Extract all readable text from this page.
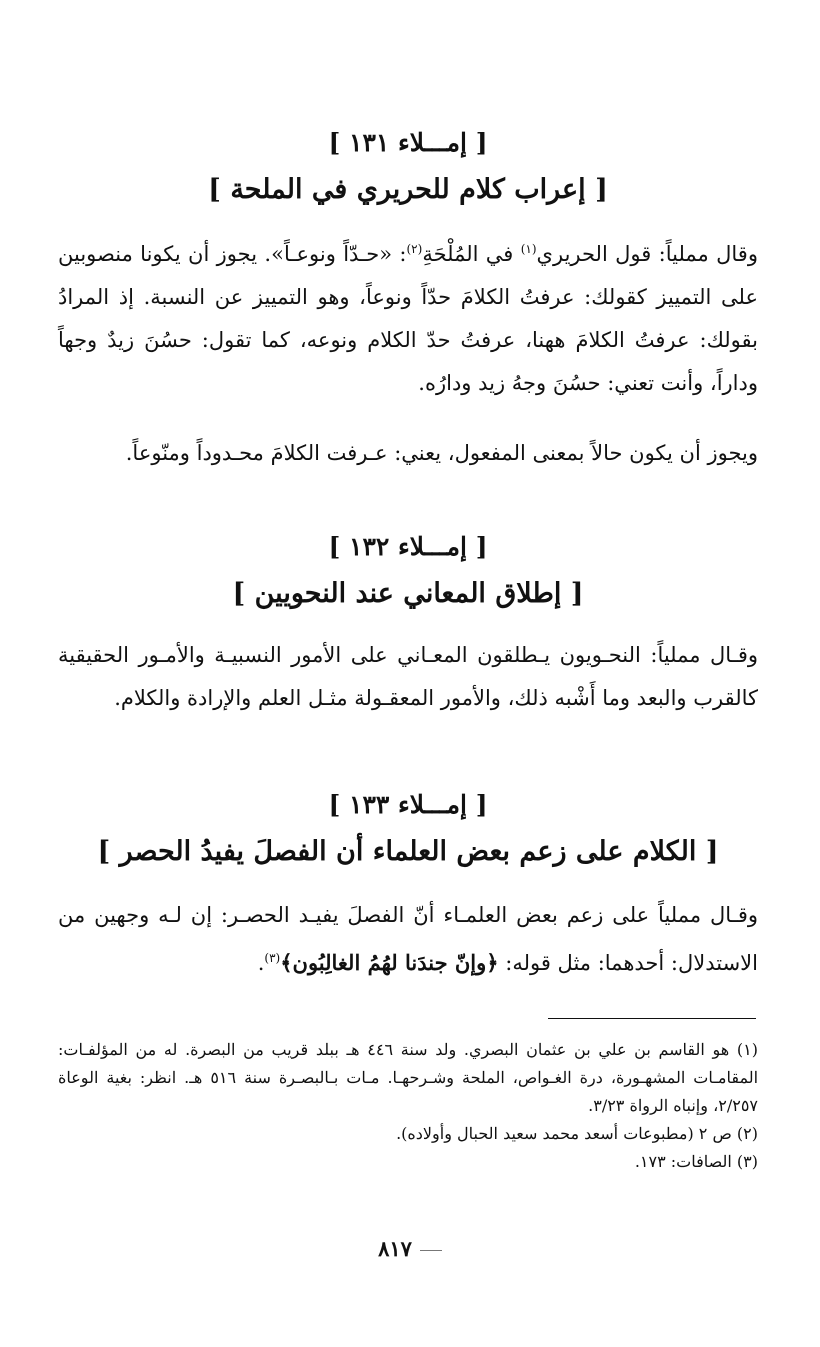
[ إمـــلاء ١٣١ ]
[ إعراب كلام للحريري في الملحة ]
وقال مملياً: قول الحريري$^{(١)}$ في المُلْحَةِ$^{(٢)}$: «حـدّاً ونوعـاً». يجوز أن يكونا منصوبين على التمييز كقولك: عرفتُ الكلامَ حدّاً ونوعاً، وهو التمييز عن النسبة. إذ المرادُ بقولك: عرفتُ الكلامَ ههنا، عرفتُ حدّ الكلام ونوعه، كما تقول: حسُنَ زيدٌ وجهاً وداراً، وأنت تعني: حسُنَ وجهُ زيد ودارُه.
ويجوز أن يكون حالاً بمعنى المفعول، يعني: عـرفت الكلامَ محـدوداً ومنّوعاً.
[ إمـــلاء ١٣٢ ]
[ إطلاق المعاني عند النحويين ]
وقـال مملياً: النحـويون يـطلقون المعـاني على الأمور النسبيـة والأمـور الحقيقية كالقرب والبعد وما أَشْبه ذلك، والأمور المعقـولة مثـل العلم والإرادة والكلام.
[ إمـــلاء ١٣٣ ]
[ الكلام على زعم بعض العلماء أن الفصلَ يفيدُ الحصر ]
وقـال مملياً على زعم بعض العلمـاء أنّ الفصلَ يفيـد الحصـر: إن لـه وجهين من الاستدلال: أحدهما: مثل قوله: ﴿وإنّ جندَنا لهُمُ الغالِبُون﴾$^{(٣)}$.
(١) هو القاسم بن علي بن عثمان البصري. ولد سنة ٤٤٦ هـ ببلد قريب من البصرة. له من المؤلفـات: المقامـات المشهـورة، درة الغـواص، الملحة وشـرحهـا. مـات بـالبصـرة سنة ٥١٦ هـ. انظر: بغية الوعاة ٢/٢٥٧، وإنباه الرواة ٣/٢٣.
(٢) ص ٢ (مطبوعات أسعد محمد سعيد الحبال وأولاده).
(٣) الصافات: ١٧٣.
٨١٧
